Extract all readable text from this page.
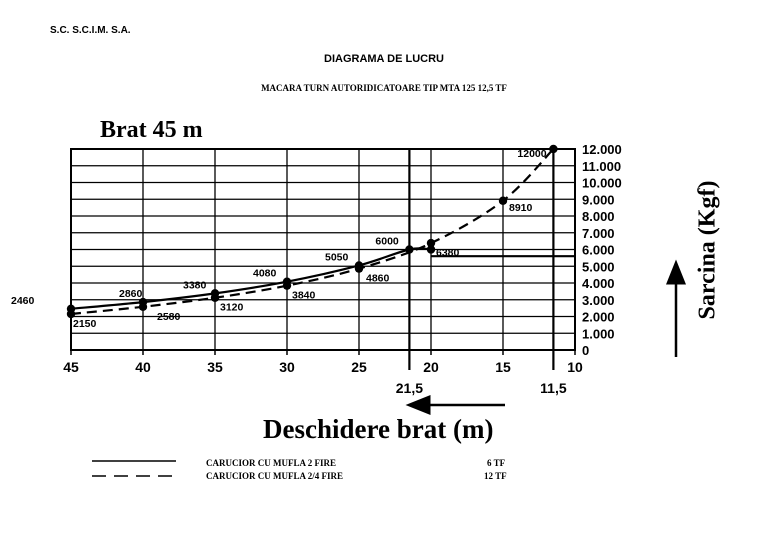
S.C. S.C.I.M. S.A.
DIAGRAMA DE LUCRU
MACARA TURN AUTORIDICATOARE TIP MTA 125 12,5 TF
Brat 45 m
Deschidere brat (m)
Sarcina (Kgf)
2460
2860
3380
4080
5050
6000
2150
2580
3120
3840
4860
6380
8910
12000
0
1.000
2.000
3.000
4.000
5.000
6.000
7.000
8.000
9.000
10.000
11.000
12.000
45	40	35	30	25	20	15	10
21,5	11,5
CARUCIOR CU MUFLA 2 FIRE
CARUCIOR CU MUFLA 2/4 FIRE
6 TF
12 TF
